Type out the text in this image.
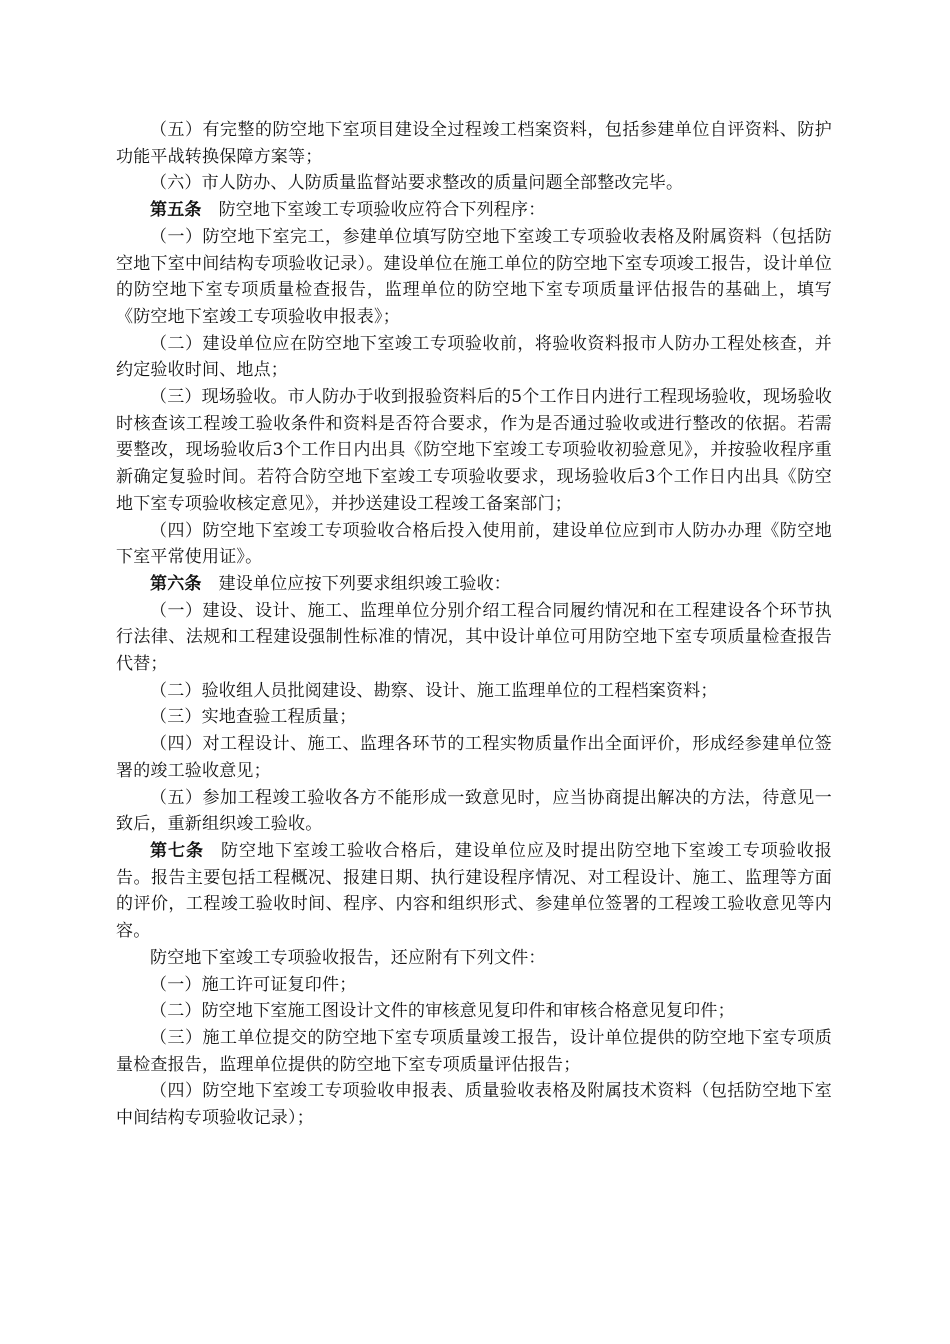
（五）有完整的防空地下室项目建设全过程竣工档案资料，包括参建单位自评资料、防护功能平战转换保障方案等；

（六）市人防办、人防质量监督站要求整改的质量问题全部整改完毕。

第五条 防空地下室竣工专项验收应符合下列程序：

（一）防空地下室完工，参建单位填写防空地下室竣工专项验收表格及附属资料（包括防空地下室中间结构专项验收记录）。建设单位在施工单位的防空地下室专项竣工报告，设计单位的防空地下室专项质量检查报告，监理单位的防空地下室专项质量评估报告的基础上，填写《防空地下室竣工专项验收申报表》；

（二）建设单位应在防空地下室竣工专项验收前，将验收资料报市人防办工程处核查，并约定验收时间、地点；

（三）现场验收。市人防办于收到报验资料后的5个工作日内进行工程现场验收，现场验收时核查该工程竣工验收条件和资料是否符合要求，作为是否通过验收或进行整改的依据。若需要整改，现场验收后3个工作日内出具《防空地下室竣工专项验收初验意见》，并按验收程序重新确定复验时间。若符合防空地下室竣工专项验收要求，现场验收后3个工作日内出具《防空地下室专项验收核定意见》，并抄送建设工程竣工备案部门；

（四）防空地下室竣工专项验收合格后投入使用前，建设单位应到市人防办办理《防空地下室平常使用证》。

第六条 建设单位应按下列要求组织竣工验收：

（一）建设、设计、施工、监理单位分别介绍工程合同履约情况和在工程建设各个环节执行法律、法规和工程建设强制性标准的情况，其中设计单位可用防空地下室专项质量检查报告代替；

（二）验收组人员批阅建设、勘察、设计、施工监理单位的工程档案资料；

（三）实地查验工程质量；

（四）对工程设计、施工、监理各环节的工程实物质量作出全面评价，形成经参建单位签署的竣工验收意见；

（五）参加工程竣工验收各方不能形成一致意见时，应当协商提出解决的方法，待意见一致后，重新组织竣工验收。

第七条 防空地下室竣工验收合格后，建设单位应及时提出防空地下室竣工专项验收报告。报告主要包括工程概况、报建日期、执行建设程序情况、对工程设计、施工、监理等方面的评价，工程竣工验收时间、程序、内容和组织形式、参建单位签署的工程竣工验收意见等内容。

防空地下室竣工专项验收报告，还应附有下列文件：

（一）施工许可证复印件；

（二）防空地下室施工图设计文件的审核意见复印件和审核合格意见复印件；

（三）施工单位提交的防空地下室专项质量竣工报告，设计单位提供的防空地下室专项质量检查报告，监理单位提供的防空地下室专项质量评估报告；

（四）防空地下室竣工专项验收申报表、质量验收表格及附属技术资料（包括防空地下室中间结构专项验收记录）；
